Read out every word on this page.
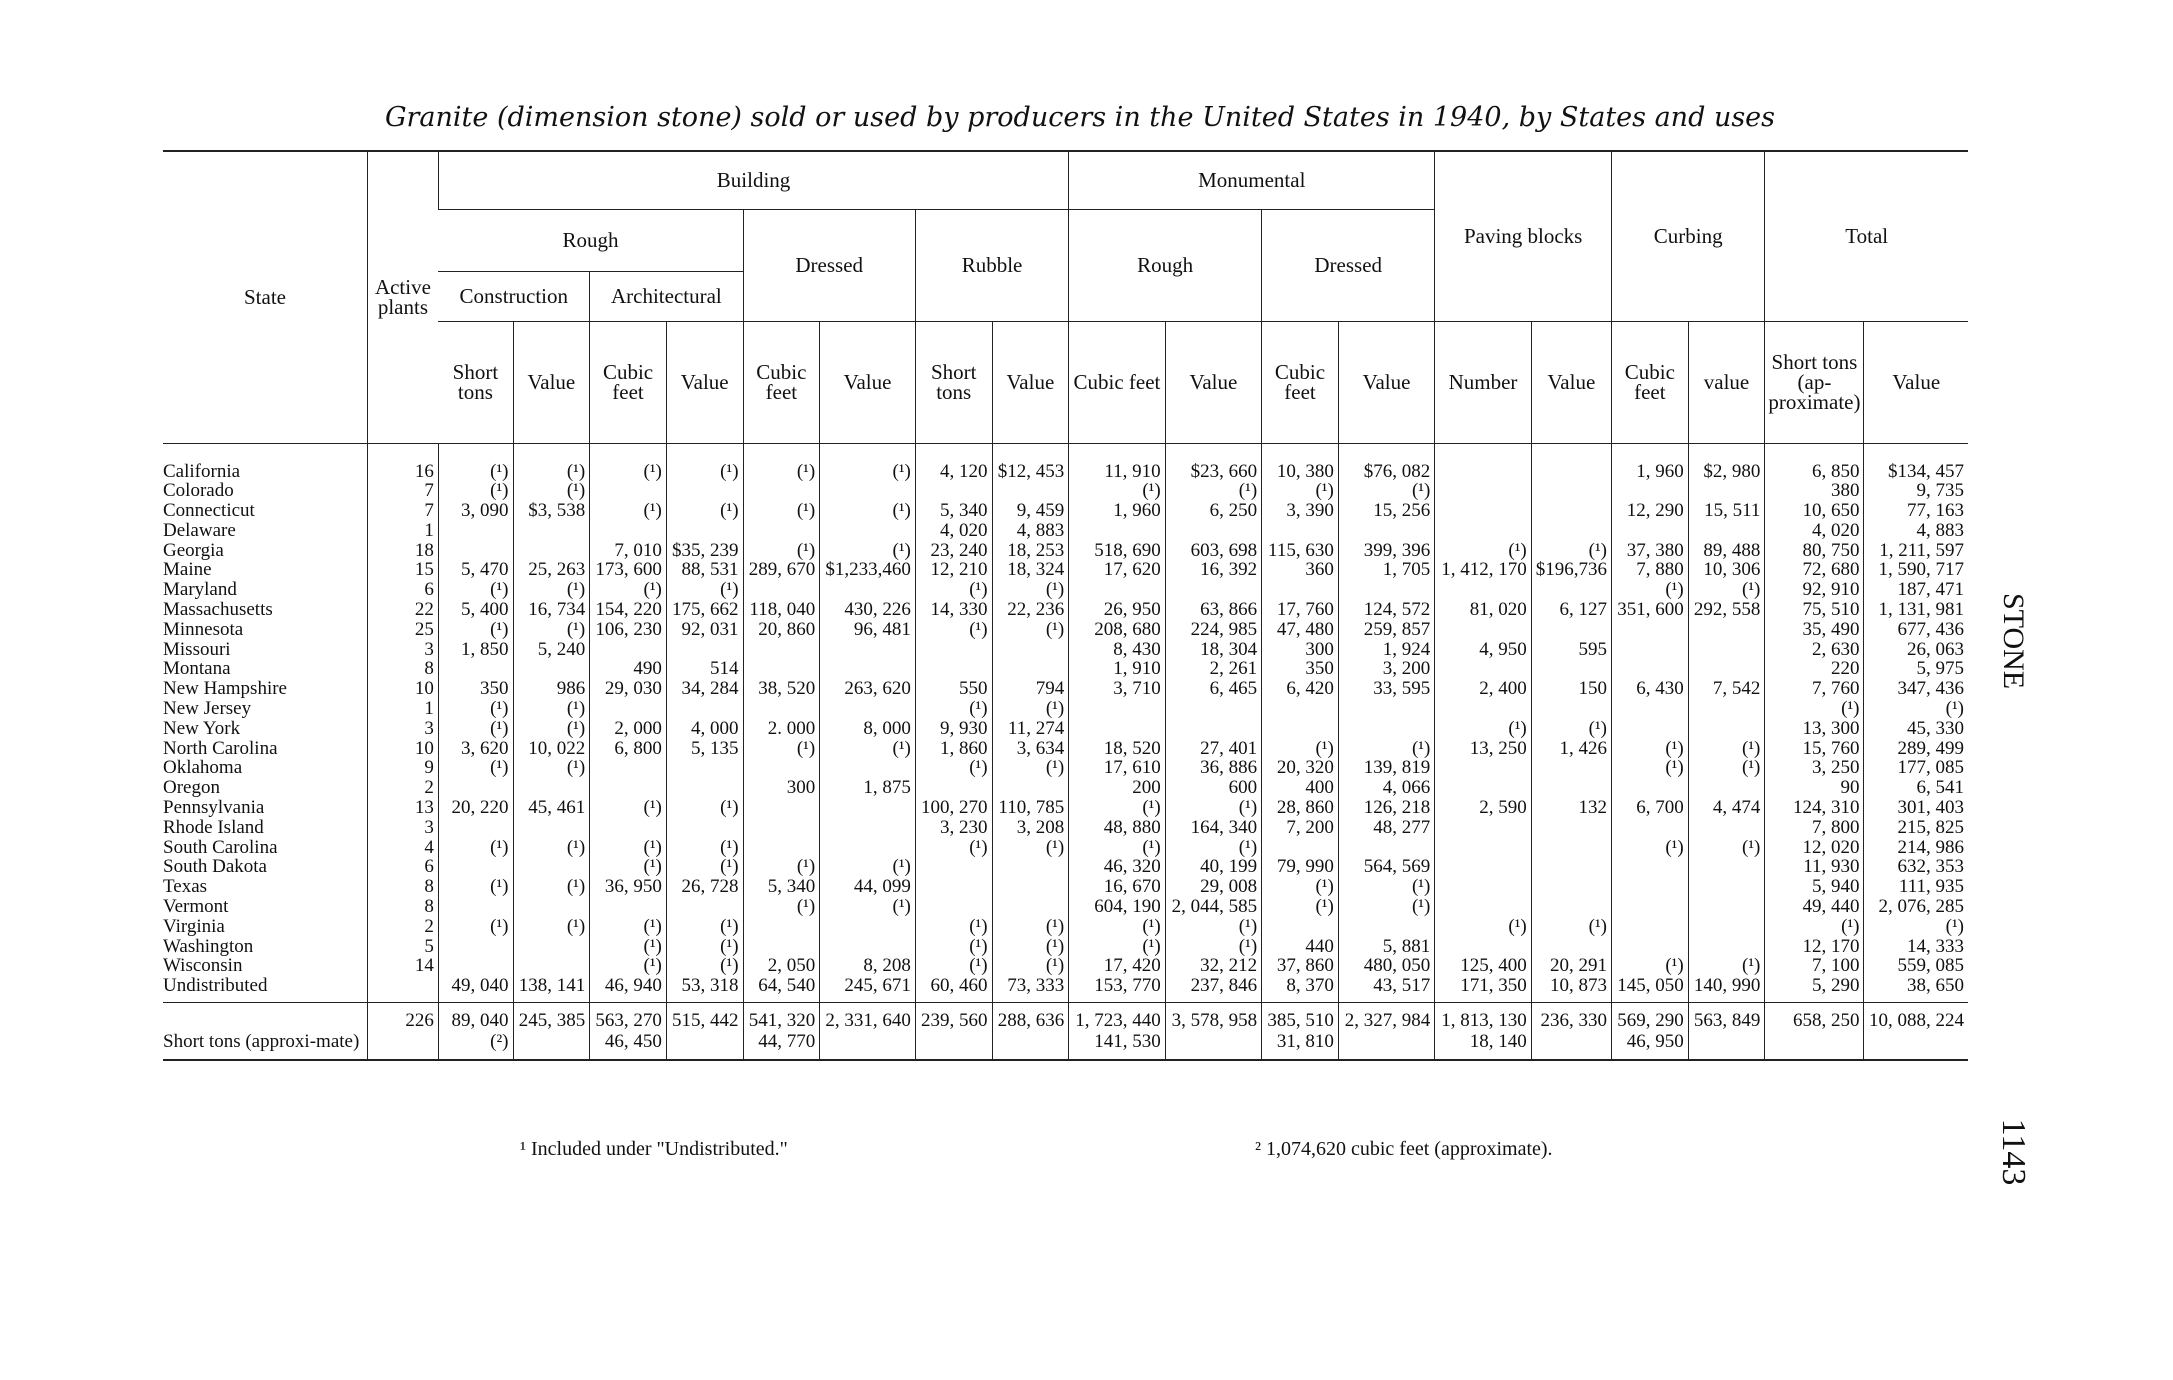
Granite (dimension stone) sold or used by producers in the United States in 1940, by States and uses
State	Active plants	Building								Monumental				Paving blocks		Curbing		Total	
		Rough				Dressed		Rubble		Rough		Dressed							
		Construction		Architectural															
		Short tons	Value	Cubic feet	Value	Cubic feet	Value	Short tons	Value	Cubic feet	Value	Cubic feet	Value	Number	Value	Cubic feet	value	Short tons (ap-proximate)	Value
California	16	(¹)	(¹)	(¹)	(¹)	(¹)	(¹)	4, 120	$12, 453	11, 910	$23, 660	10, 380	$76, 082			1, 960	$2, 980	6, 850	$134, 457
Colorado	7	(¹)	(¹)							(¹)	(¹)	(¹)	(¹)					380	9, 735
Connecticut	7	3, 090	$3, 538	(¹)	(¹)	(¹)	(¹)	5, 340	9, 459	1, 960	6, 250	3, 390	15, 256			12, 290	15, 511	10, 650	77, 163
Delaware	1							4, 020	4, 883									4, 020	4, 883
Georgia	18			7, 010	$35, 239	(¹)	(¹)	23, 240	18, 253	518, 690	603, 698	115, 630	399, 396	(¹)	(¹)	37, 380	89, 488	80, 750	1, 211, 597
Maine	15	5, 470	25, 263	173, 600	88, 531	289, 670	$1,233,460	12, 210	18, 324	17, 620	16, 392	360	1, 705	1, 412, 170	$196,736	7, 880	10, 306	72, 680	1, 590, 717
Maryland	6	(¹)	(¹)	(¹)	(¹)			(¹)	(¹)							(¹)	(¹)	92, 910	187, 471
Massachusetts	22	5, 400	16, 734	154, 220	175, 662	118, 040	430, 226	14, 330	22, 236	26, 950	63, 866	17, 760	124, 572	81, 020	6, 127	351, 600	292, 558	75, 510	1, 131, 981
Minnesota	25	(¹)	(¹)	106, 230	92, 031	20, 860	96, 481	(¹)	(¹)	208, 680	224, 985	47, 480	259, 857					35, 490	677, 436
Missouri	3	1, 850	5, 240							8, 430	18, 304	300	1, 924	4, 950	595			2, 630	26, 063
Montana	8			490	514					1, 910	2, 261	350	3, 200					220	5, 975
New Hampshire	10	350	986	29, 030	34, 284	38, 520	263, 620	550	794	3, 710	6, 465	6, 420	33, 595	2, 400	150	6, 430	7, 542	7, 760	347, 436
New Jersey	1	(¹)	(¹)					(¹)	(¹)									(¹)	(¹)
New York	3	(¹)	(¹)	2, 000	4, 000	2. 000	8, 000	9, 930	11, 274					(¹)	(¹)			13, 300	45, 330
North Carolina	10	3, 620	10, 022	6, 800	5, 135	(¹)	(¹)	1, 860	3, 634	18, 520	27, 401	(¹)	(¹)	13, 250	1, 426	(¹)	(¹)	15, 760	289, 499
Oklahoma	9	(¹)	(¹)					(¹)	(¹)	17, 610	36, 886	20, 320	139, 819			(¹)	(¹)	3, 250	177, 085
Oregon	2					300	1, 875			200	600	400	4, 066					90	6, 541
Pennsylvania	13	20, 220	45, 461	(¹)	(¹)			100, 270	110, 785	(¹)	(¹)	28, 860	126, 218	2, 590	132	6, 700	4, 474	124, 310	301, 403
Rhode Island	3							3, 230	3, 208	48, 880	164, 340	7, 200	48, 277					7, 800	215, 825
South Carolina	4	(¹)	(¹)	(¹)	(¹)			(¹)	(¹)	(¹)	(¹)					(¹)	(¹)	12, 020	214, 986
South Dakota	6			(¹)	(¹)	(¹)	(¹)			46, 320	40, 199	79, 990	564, 569					11, 930	632, 353
Texas	8	(¹)	(¹)	36, 950	26, 728	5, 340	44, 099			16, 670	29, 008	(¹)	(¹)					5, 940	111, 935
Vermont	8					(¹)	(¹)			604, 190	2, 044, 585	(¹)	(¹)					49, 440	2, 076, 285
Virginia	2	(¹)	(¹)	(¹)	(¹)			(¹)	(¹)	(¹)	(¹)			(¹)	(¹)			(¹)	(¹)
Washington	5			(¹)	(¹)			(¹)	(¹)	(¹)	(¹)	440	5, 881					12, 170	14, 333
Wisconsin	14			(¹)	(¹)	2, 050	8, 208	(¹)	(¹)	17, 420	32, 212	37, 860	480, 050	125, 400	20, 291	(¹)	(¹)	7, 100	559, 085
Undistributed		49, 040	138, 141	46, 940	53, 318	64, 540	245, 671	60, 460	73, 333	153, 770	237, 846	8, 370	43, 517	171, 350	10, 873	145, 050	140, 990	5, 290	38, 650
	226	89, 040	245, 385	563, 270	515, 442	541, 320	2, 331, 640	239, 560	288, 636	1, 723, 440	3, 578, 958	385, 510	2, 327, 984	1, 813, 130	236, 330	569, 290	563, 849	658, 250	10, 088, 224
Short tons (approxi-mate)		(²)		46, 450		44, 770				141, 530		31, 810		18, 140		46, 950			
¹ Included under "Undistributed."	² 1,074,620 cubic feet (approximate).
STONE
1143
